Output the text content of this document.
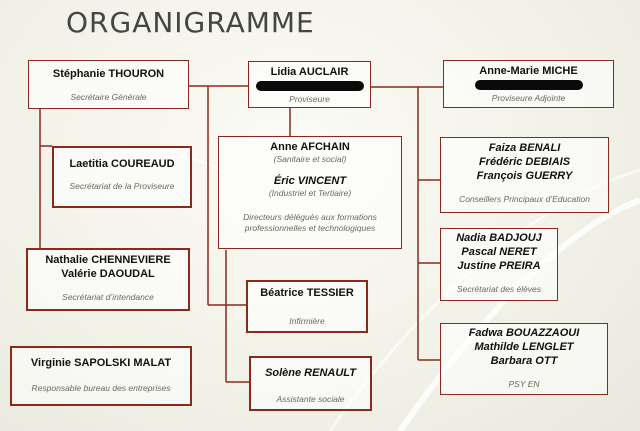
ORGANIGRAMME
Stéphanie THOURON
Secrétaire Générale
Lidia AUCLAIR
Proviseure
Anne-Marie MICHE
Proviseure Adjointe
Laetitia COUREAUD
Secrétariat de la Proviseure
Anne AFCHAIN
(Sanitaire et social)
Éric VINCENT
(Industriel et Tertiaire)
Directeurs délégués aux formations
professionnelles et technologiques
Faiza BENALI
Frédéric DEBIAIS
François GUERRY
Conseillers Principaux d’Education
Nathalie CHENNEVIERE
Valérie DAOUDAL
Secrétariat d’intendance
Nadia BADJOUJ
Pascal NERET
Justine PREIRA
Secrétariat des élèves
Béatrice TESSIER
Infirmière
Fadwa BOUAZZAOUI
Mathilde LENGLET
Barbara OTT
PSY EN
Virginie SAPOLSKI MALAT
Responsable bureau des entreprises
Solène RENAULT
Assistante sociale
